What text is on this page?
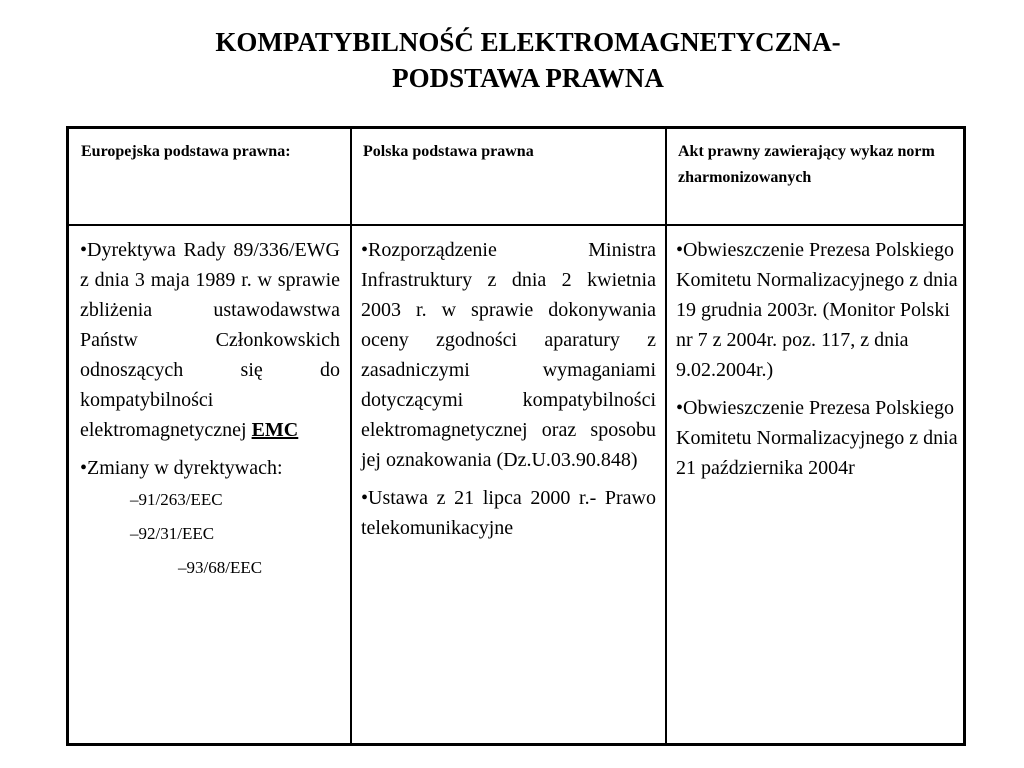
KOMPATYBILNOŚĆ ELEKTROMAGNETYCZNA-
PODSTAWA PRAWNA
Europejska podstawa prawna:	Polska podstawa prawna	Akt prawny zawierający wykaz norm zharmonizowanych

•Dyrektywa Rady 89/336/EWG z dnia 3 maja 1989 r. w sprawie zbliżenia ustawodawstwa Państw Członkowskich odnoszących się do kompatybilności elektromagnetycznej EMC

•Zmiany w dyrektywach:

–91/263/EEC
–92/31/EEC
–93/68/EEC

•Rozporządzenie Ministra Infrastruktury z dnia 2 kwietnia 2003 r. w sprawie dokonywania oceny zgodności aparatury z zasadniczymi wymaganiami dotyczącymi kompatybilności elektromagnetycznej oraz sposobu jej oznakowania (Dz.U.03.90.848)

•Ustawa z 21 lipca 2000 r.- Prawo telekomunikacyjne

•Obwieszczenie Prezesa Polskiego Komitetu Normalizacyjnego z dnia 19 grudnia 2003r. (Monitor Polski nr 7 z 2004r. poz. 117, z dnia 9.02.2004r.)

•Obwieszczenie Prezesa Polskiego Komitetu Normalizacyjnego z dnia 21 października 2004r
